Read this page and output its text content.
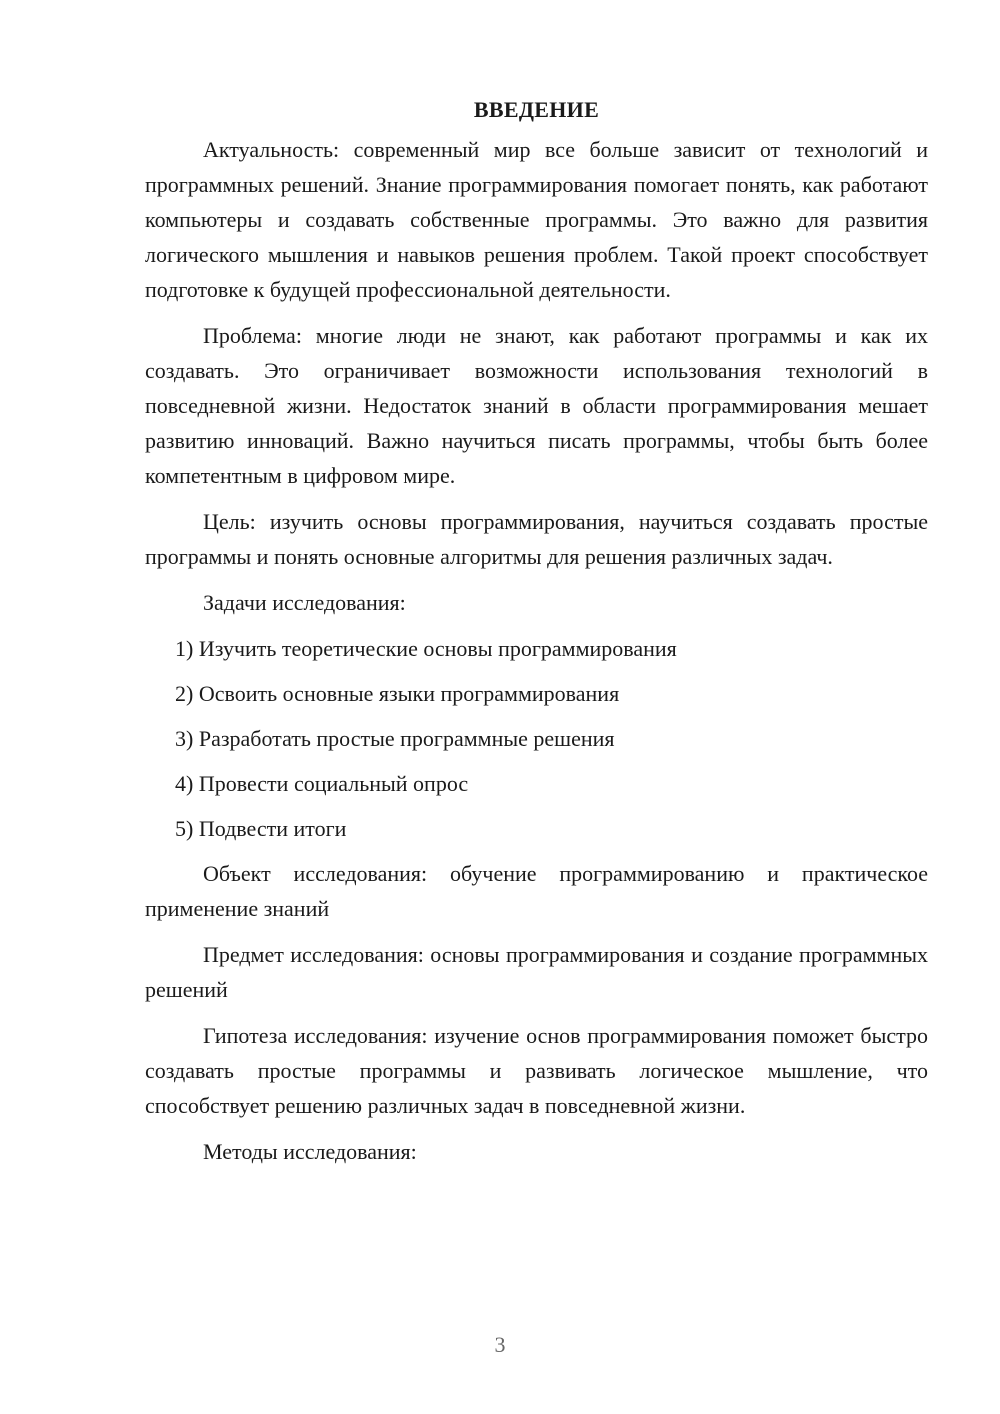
ВВЕДЕНИЕ

Актуальность: современный мир все больше зависит от технологий и программных решений. Знание программирования помогает понять, как работают компьютеры и создавать собственные программы. Это важно для развития логического мышления и навыков решения проблем. Такой проект способствует подготовке к будущей профессиональной деятельности.

Проблема: многие люди не знают, как работают программы и как их создавать. Это ограничивает возможности использования технологий в повседневной жизни. Недостаток знаний в области программирования мешает развитию инноваций. Важно научиться писать программы, чтобы быть более компетентным в цифровом мире.

Цель: изучить основы программирования, научиться создавать простые программы и понять основные алгоритмы для решения различных задач.

Задачи исследования:
1) Изучить теоретические основы программирования
2) Освоить основные языки программирования
3) Разработать простые программные решения
4) Провести социальный опрос
5) Подвести итоги

Объект исследования: обучение программированию и практическое применение знаний

Предмет исследования: основы программирования и создание программных решений

Гипотеза исследования: изучение основ программирования поможет быстро создавать простые программы и развивать логическое мышление, что способствует решению различных задач в повседневной жизни.

Методы исследования:
3
